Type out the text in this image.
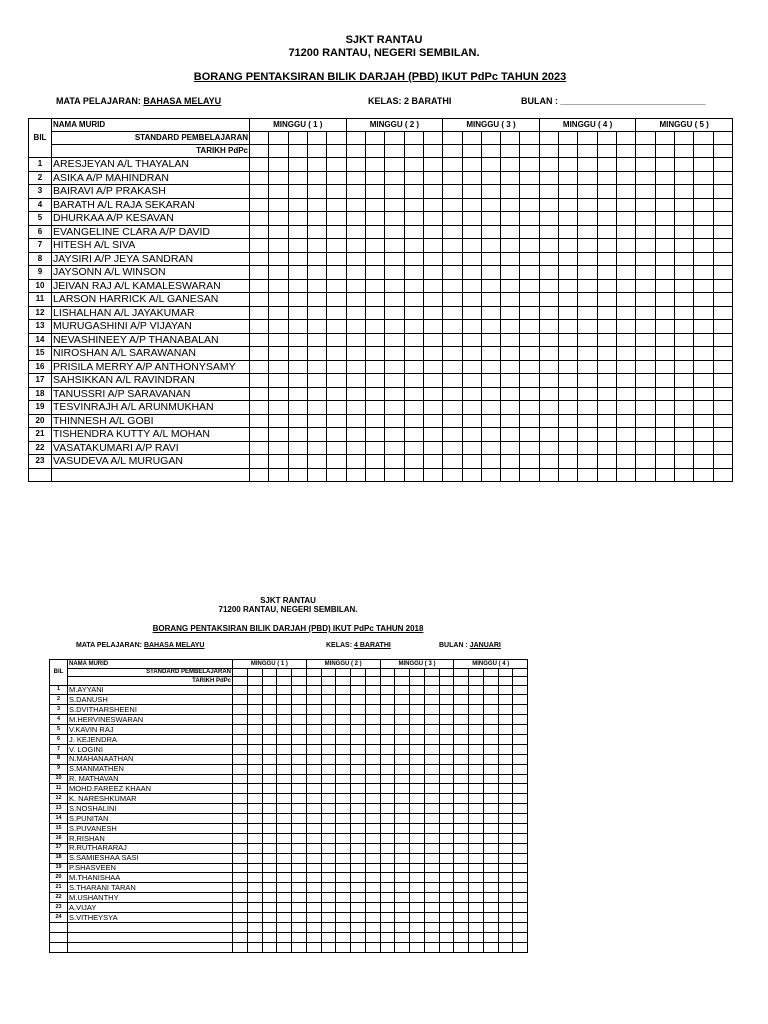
SJKT RANTAU
71200 RANTAU, NEGERI SEMBILAN.
BORANG PENTAKSIRAN BILIK DARJAH (PBD) IKUT PdPc TAHUN 2023
MATA PELAJARAN: BAHASA MELAYU	KELAS: 2 BARATHI	BULAN : _____________________________
BIL	NAMA MURID	MINGGU ( 1 )					MINGGU ( 2 )					MINGGU ( 3 )					MINGGU ( 4 )					MINGGU ( 5 )				
	STANDARD PEMBELAJARAN																									
	TARIKH PdPc																									
1	ARESJEYAN A/L THAYALAN																									
2	ASIKA A/P MAHINDRAN																									
3	BAIRAVI A/P PRAKASH																									
4	BARATH A/L RAJA SEKARAN																									
5	DHURKAA A/P KESAVAN																									
6	EVANGELINE CLARA A/P DAVID																									
7	HITESH A/L SIVA																									
8	JAYSIRI A/P JEYA SANDRAN																									
9	JAYSONN A/L WINSON																									
10	JEIVAN RAJ A/L KAMALESWARAN																									
11	LARSON HARRICK A/L GANESAN																									
12	LISHALHAN A/L JAYAKUMAR																									
13	MURUGASHINI A/P VIJAYAN																									
14	NEVASHINEEY A/P THANABALAN																									
15	NIROSHAN A/L SARAWANAN																									
16	PRISILA MERRY A/P ANTHONYSAMY																									
17	SAHSIKKAN A/L RAVINDRAN																									
18	TANUSSRI A/P SARAVANAN																									
19	TESVINRAJH A/L ARUNMUKHAN																									
20	THINNESH A/L GOBI																									
21	TISHENDRA KUTTY A/L MOHAN																									
22	VASATAKUMARI A/P RAVI																									
23	VASUDEVA A/L MURUGAN																									

SJKT RANTAU
71200 RANTAU, NEGERI SEMBILAN.
BORANG PENTAKSIRAN BILIK DARJAH (PBD) IKUT PdPc TAHUN 2018
MATA PELAJARAN: BAHASA MELAYU	KELAS: 4 BARATHI	BULAN : JANUARI
BIL	NAMA MURID	MINGGU ( 1 )					MINGGU ( 2 )					MINGGU ( 3 )					MINGGU ( 4 )				
	STANDARD PEMBELAJARAN																				
	TARIKH PdPc																				
1	M.AYYANI																				
2	S.DANUSH																				
3	S.DVITHARSHEENI																				
4	M.HERVINESWARAN																				
5	V.KAVIN RAJ																				
6	J. KEJENDRA																				
7	V. LOGINI																				
8	N.MAHANAATHAN																				
9	S.MANMATHEN																				
10	R. MATHAVAN																				
11	MOHD.FAREEZ KHAAN																				
12	K. NARESHKUMAR																				
13	S.NOSHALINI																				
14	S.PUNITAN																				
15	S.PUVANESH																				
16	R.RISHAN																				
17	R.RUTHARARAJ																				
18	S.SAMIESHAA SASI																				
19	P.SHASVEEN																				
20	M.THANISHAA																				
21	S.THARANI TARAN																				
22	M.USHANTHY																				
23	A.VIJAY																				
24	S.VITHEYSYA																				
